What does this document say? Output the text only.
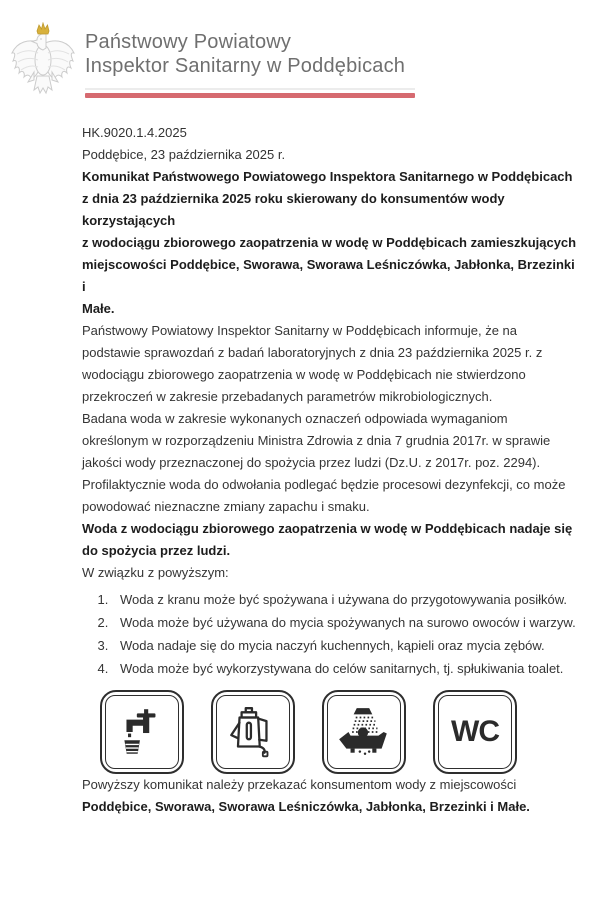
Państwowy Powiatowy
Inspektor Sanitarny w Poddębicach
HK.9020.1.4.2025
Poddębice, 23 października 2025 r.

Komunikat Państwowego Powiatowego Inspektora Sanitarnego w Poddębicach
z dnia 23 października 2025 roku skierowany do konsumentów wody korzystających
z wodociągu zbiorowego zaopatrzenia w wodę w Poddębicach zamieszkujących
miejscowości Poddębice, Sworawa, Sworawa Leśniczówka, Jabłonka, Brzezinki i
Małe.

Państwowy Powiatowy Inspektor Sanitarny w Poddębicach informuje, że na podstawie sprawozdań z badań laboratoryjnych z dnia 23 października 2025 r. z wodociągu zbiorowego zaopatrzenia w wodę w Poddębicach nie stwierdzono przekroczeń w zakresie przebadanych parametrów mikrobiologicznych.
Badana woda w zakresie wykonanych oznaczeń odpowiada wymaganiom określonym w rozporządzeniu Ministra Zdrowia z dnia 7 grudnia 2017r. w sprawie jakości wody przeznaczonej do spożycia przez ludzi (Dz.U. z 2017r. poz. 2294).

Profilaktycznie woda do odwołania podlegać będzie procesowi dezynfekcji, co może powodować nieznaczne zmiany zapachu i smaku.

Woda z wodociągu zbiorowego zaopatrzenia w wodę w Poddębicach nadaje się do spożycia przez ludzi.

W związku z powyższym:

1. Woda z kranu może być spożywana i używana do przygotowywania posiłków.
2. Woda może być używana do mycia spożywanych na surowo owoców i warzyw.
3. Woda nadaje się do mycia naczyń kuchennych, kąpieli oraz mycia zębów.
4. Woda może być wykorzystywana do celów sanitarnych, tj. spłukiwania toalet.
WC

Powyższy komunikat należy przekazać konsumentom wody z miejscowości Poddębice, Sworawa, Sworawa Leśniczówka, Jabłonka, Brzezinki i Małe.
